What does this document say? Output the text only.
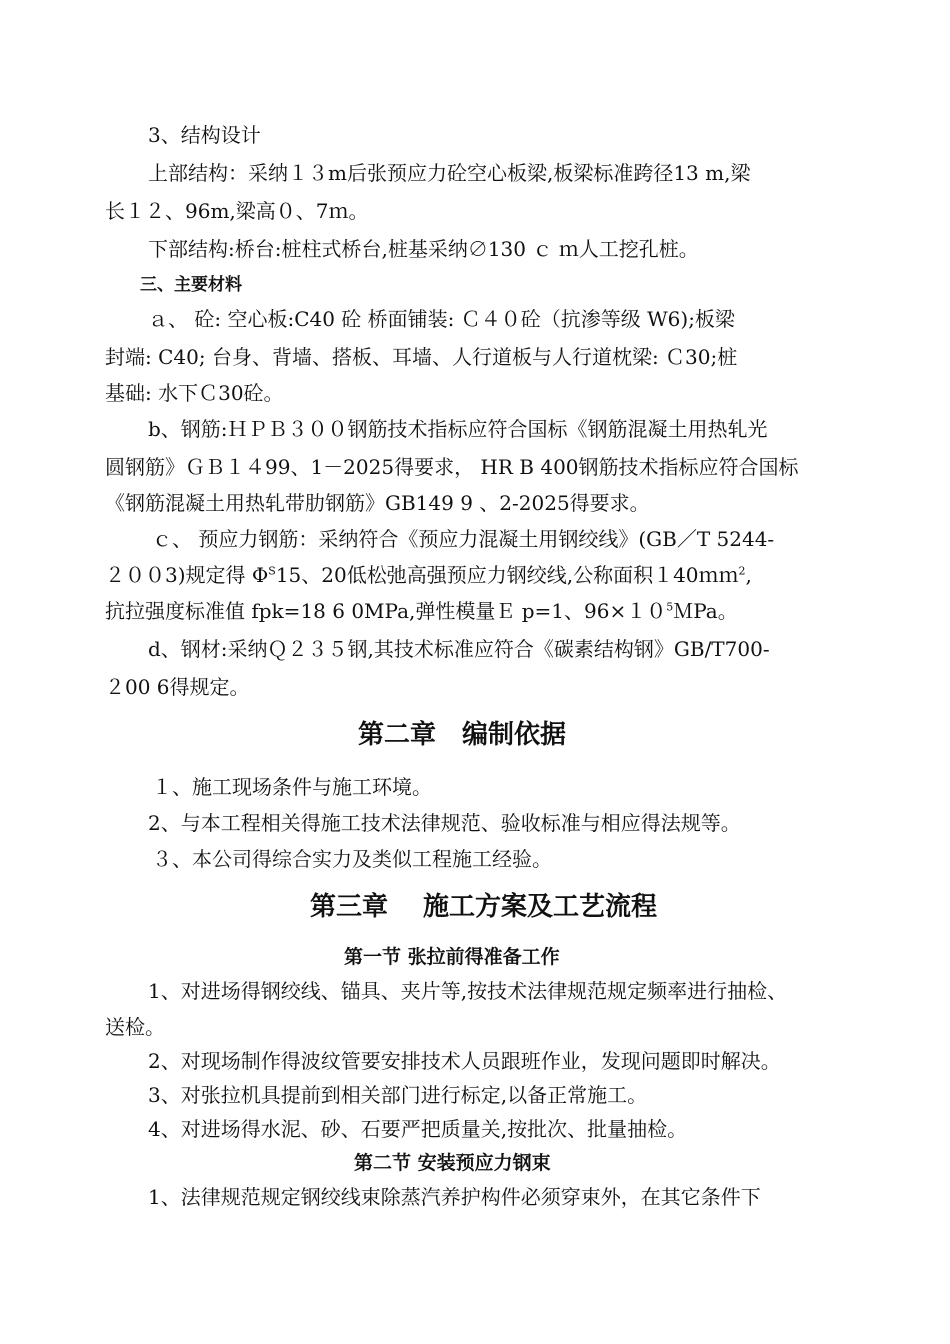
3、结构设计
上部结构：采纳１３m后张预应力砼空心板梁,板梁标准跨径13 m,梁
长１２、96m,梁高０、7ｍ。
下部结构:桥台:桩柱式桥台,桩基采纳∅130 ｃ ｍ人工挖孔桩。
三、主要材料
ａ、 砼: 空心板:C40 砼 桥面铺装: Ｃ４０砼（抗渗等级 W6);板梁
封端: C40; 台身、背墙、搭板、耳墙、人行道板与人行道枕梁: Ｃ30;桩
基础: 水下Ｃ30砼。
b、钢筋:ＨＰＢ３００钢筋技术指标应符合国标《钢筋混凝土用热轧光
圆钢筋》ＧＢ１４99、1－2025得要求， HR B 400钢筋技术指标应符合国标
《钢筋混凝土用热轧带肋钢筋》GB149 9 、2-2025得要求。
ｃ、 预应力钢筋：采纳符合《预应力混凝土用钢绞线》(GB／T 5244-
２００3)规定得 $\Phi^S15$、20低松弛高强预应力钢绞线,公称面积１40ｍｍ$^2$,
抗拉强度标准值 fpk=18 6 0MPa,弹性模量Ｅ p=1、$96\times 10^5MPa$。
d、钢材:采纳Ｑ２３５钢,其技术标准应符合《碳素结构钢》GB/T700-
２00 6得规定。
第二章　编制依据
１、施工现场条件与施工环境。
2、与本工程相关得施工技术法律规范、验收标准与相应得法规等。
３、本公司得综合实力及类似工程施工经验。
第三章　 施工方案及工艺流程
第一节 张拉前得准备工作
1、对进场得钢绞线、锚具、夹片等,按技术法律规范规定频率进行抽检、
送检。
2、对现场制作得波纹管要安排技术人员跟班作业，发现问题即时解决。
3、对张拉机具提前到相关部门进行标定,以备正常施工。
4、对进场得水泥、砂、石要严把质量关,按批次、批量抽检。
第二节 安装预应力钢束
1、法律规范规定钢绞线束除蒸汽养护构件必须穿束外，在其它条件下
